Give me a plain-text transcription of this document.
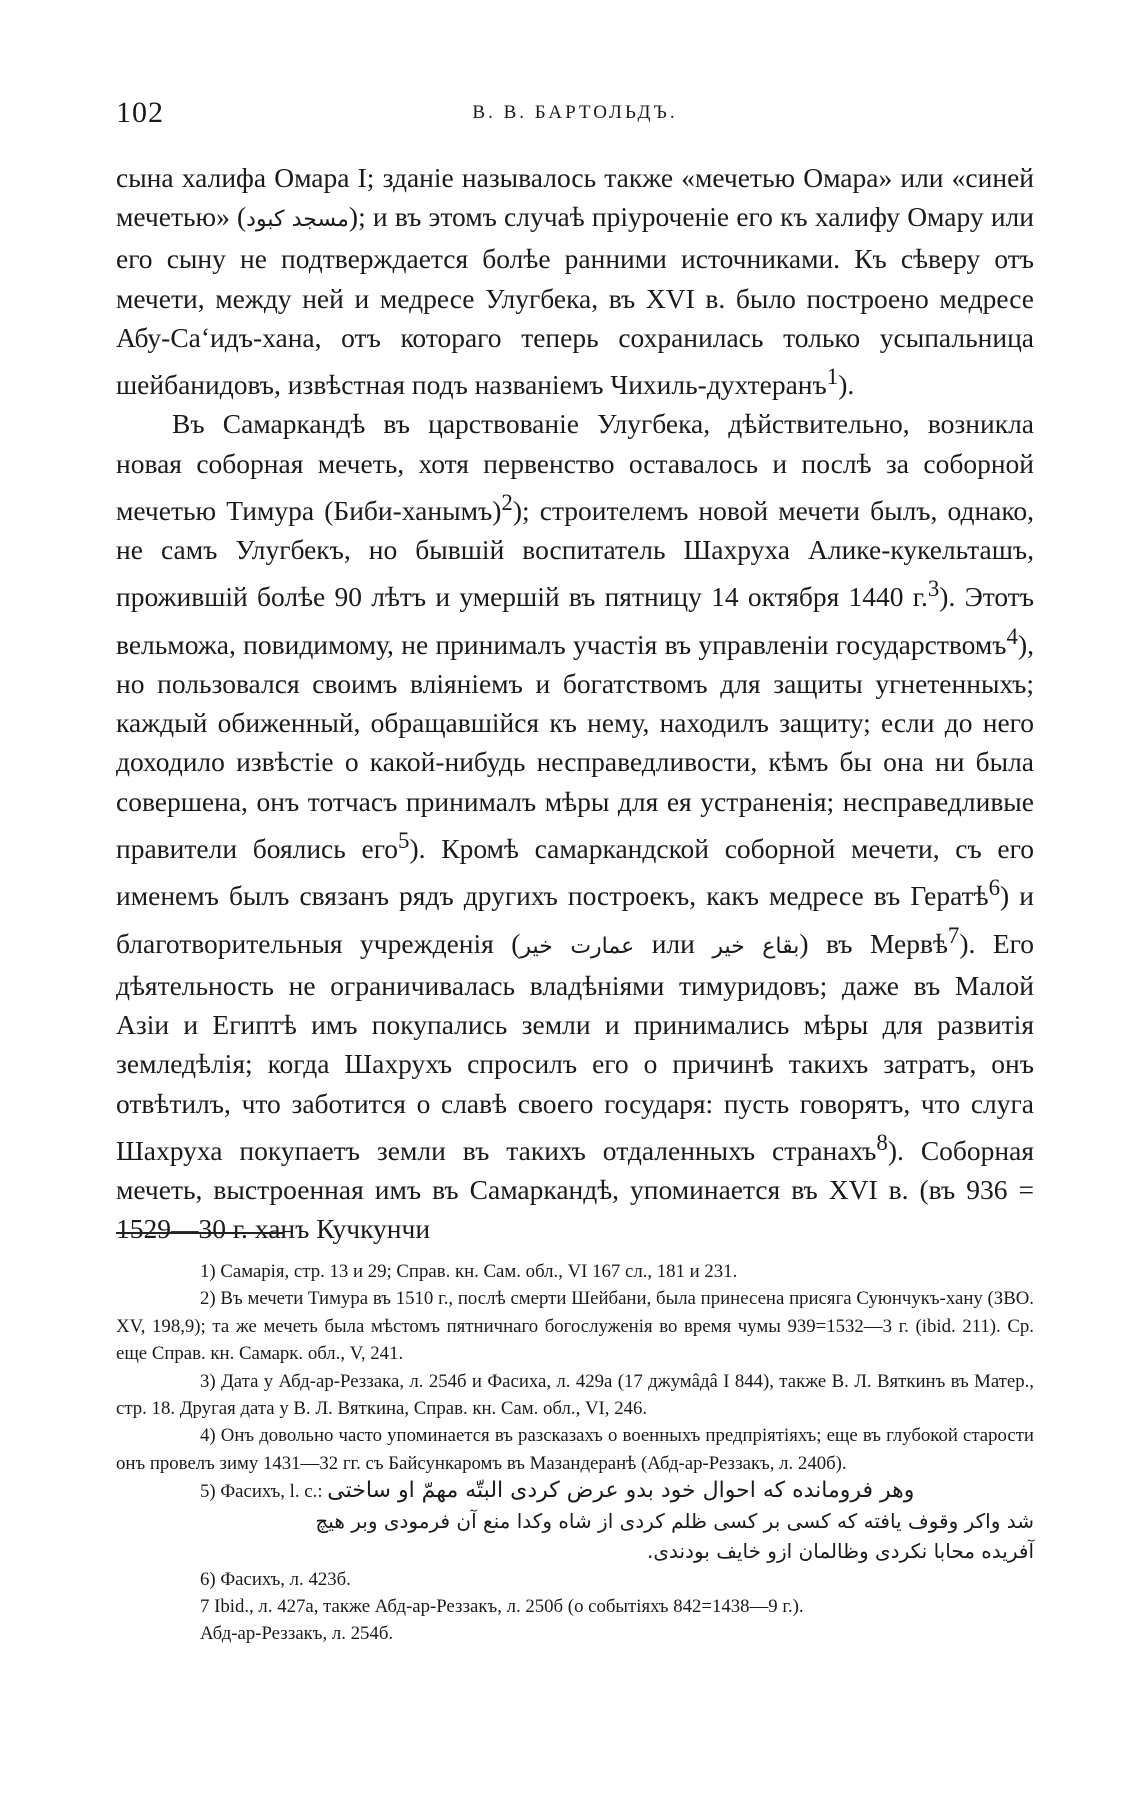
102	В. В. БАРТОЛЬДЪ.

сына халифа Омара I; зданіе называлось также «мечетью Омара» или «синей мечетью» (مسجد كبود); и въ этомъ случаѣ пріуроченіе его къ халифу Омару или его сыну не подтверждается болѣе ранними источниками. Къ сѣверу отъ мечети, между ней и медресе Улугбека, въ XVI в. было построено медресе Абу-Са‘идъ-хана, отъ котораго теперь сохранилась только усыпальница шейбанидовъ, извѣстная подъ названіемъ Чихиль-духтеранъ$^1$).

Въ Самаркандѣ въ царствованіе Улугбека, дѣйствительно, возникла новая соборная мечеть, хотя первенство оставалось и послѣ за соборной мечетью Тимура (Биби-ханымъ)$^2$); строителемъ новой мечети былъ, однако, не самъ Улугбекъ, но бывшій воспитатель Шахруха Алике-кукельташъ, прожившій болѣе 90 лѣтъ и умершій въ пятницу 14 октября 1440 г.$^3$). Этотъ вельможа, повидимому, не принималъ участія въ управленіи государствомъ$^4$), но пользовался своимъ вліяніемъ и богатствомъ для защиты угнетенныхъ; каждый обиженный, обращавшійся къ нему, находилъ защиту; если до него доходило извѣстіе о какой-нибудь несправедливости, кѣмъ бы она ни была совершена, онъ тотчасъ принималъ мѣры для ея устраненія; несправедливые правители боялись его$^5$). Кромѣ самаркандской соборной мечети, съ его именемъ былъ связанъ рядъ другихъ построекъ, какъ медресе въ Гератѣ$^6$) и благотворительныя учрежденія (عمارت خير или بقاع خير) въ Мервѣ$^7$). Его дѣятельность не ограничивалась владѣніями тимуридовъ; даже въ Малой Азіи и Египтѣ имъ покупались земли и принимались мѣры для развитія земледѣлія; когда Шахрухъ спросилъ его о причинѣ такихъ затратъ, онъ отвѣтилъ, что заботится о славѣ своего государя: пусть говорятъ, что слуга Шахруха покупаетъ земли въ такихъ отдаленныхъ странахъ$^8$). Соборная мечеть, выстроенная имъ въ Самаркандѣ, упоминается въ XVI в. (въ 936 = 1529—30 г. ханъ Кучкунчи

1) Самарія, стр. 13 и 29; Справ. кн. Сам. обл., VI 167 сл., 181 и 231.

2) Въ мечети Тимура въ 1510 г., послѣ смерти Шейбани, была принесена присяга Суюнчукъ-хану (ЗВО. XV, 198,9); та же мечеть была мѣстомъ пятничнаго богослуженія во время чумы 939=1532—3 г. (ibid. 211). Ср. еще Справ. кн. Самарк. обл., V, 241.

3) Дата у Абд-ар-Реззака, л. 254б и Фасиха, л. 429а (17 джумâдâ I 844), также В. Л. Вяткинъ въ Матер., стр. 18. Другая дата у В. Л. Вяткина, Справ. кн. Сам. обл., VI, 246.

4) Онъ довольно часто упоминается въ разсказахъ о военныхъ предпріятіяхъ; еще въ глубокой старости онъ провелъ зиму 1431—32 гг. съ Байсункаромъ въ Мазандеранѣ (Абд-ар-Реззакъ, л. 240б).

5) Фасихъ, l. c.: وهر فرومانده كه احوال خود بدو عرض كردى البتّه مهمّ او ساختى

شد واكر وقوف يافته كه كسى بر كسى ظلم كردى از شاه وكدا منع آن فرمودى وبر هيچ
آفريده محابا نكردى وظالمان ازو خايف بودندى.

6) Фасихъ, л. 423б.

7 Ibid., л. 427а, также Абд-ар-Реззакъ, л. 250б (о событіяхъ 842=1438—9 г.).

Абд-ар-Реззакъ, л. 254б.
